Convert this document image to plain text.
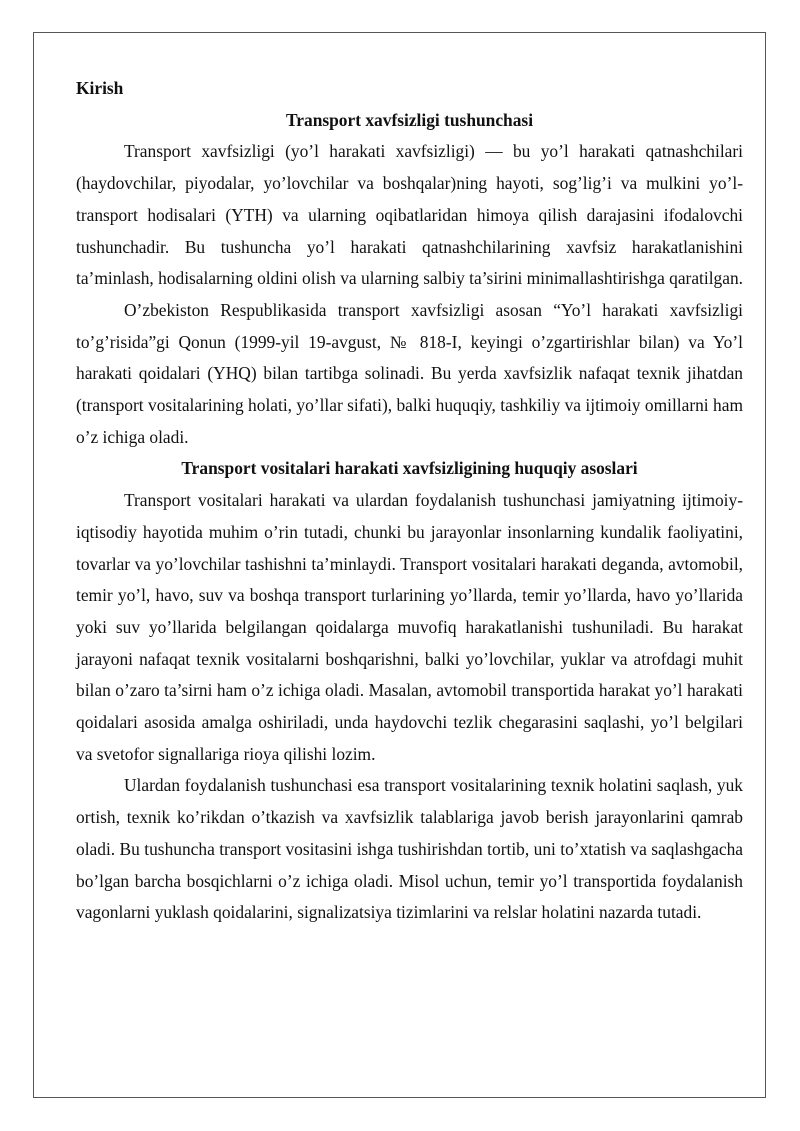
Kirish

Transport xavfsizligi tushunchasi

Transport xavfsizligi (yo’l harakati xavfsizligi) — bu yo’l harakati qatnashchilari (haydovchilar, piyodalar, yo’lovchilar va boshqalar)ning hayoti, sog’lig’i va mulkini yo’l-transport hodisalari (YTH) va ularning oqibatlaridan himoya qilish darajasini ifodalovchi tushunchadir. Bu tushuncha yo’l harakati qatnashchilarining xavfsiz harakatlanishini ta’minlash, hodisalarning oldini olish va ularning salbiy ta’sirini minimallashtirishga qaratilgan.

O’zbekiston Respublikasida transport xavfsizligi asosan “Yo’l harakati xavfsizligi to’g’risida”gi Qonun (1999-yil 19-avgust, № 818-I, keyingi o’zgartirishlar bilan) va Yo’l harakati qoidalari (YHQ) bilan tartibga solinadi. Bu yerda xavfsizlik nafaqat texnik jihatdan (transport vositalarining holati, yo’llar sifati), balki huquqiy, tashkiliy va ijtimoiy omillarni ham o’z ichiga oladi.

Transport vositalari harakati xavfsizligining huquqiy asoslari

Transport vositalari harakati va ulardan foydalanish tushunchasi jamiyatning ijtimoiy-iqtisodiy hayotida muhim o’rin tutadi, chunki bu jarayonlar insonlarning kundalik faoliyatini, tovarlar va yo’lovchilar tashishni ta’minlaydi. Transport vositalari harakati deganda, avtomobil, temir yo’l, havo, suv va boshqa transport turlarining yo’llarda, temir yo’llarda, havo yo’llarida yoki suv yo’llarida belgilangan qoidalarga muvofiq harakatlanishi tushuniladi. Bu harakat jarayoni nafaqat texnik vositalarni boshqarishni, balki yo’lovchilar, yuklar va atrofdagi muhit bilan o’zaro ta’sirni ham o’z ichiga oladi. Masalan, avtomobil transportida harakat yo’l harakati qoidalari asosida amalga oshiriladi, unda haydovchi tezlik chegarasini saqlashi, yo’l belgilari va svetofor signallariga rioya qilishi lozim.

Ulardan foydalanish tushunchasi esa transport vositalarining texnik holatini saqlash, yuk ortish, texnik ko’rikdan o’tkazish va xavfsizlik talablariga javob berish jarayonlarini qamrab oladi. Bu tushuncha transport vositasini ishga tushirishdan tortib, uni to’xtatish va saqlashgacha bo’lgan barcha bosqichlarni o’z ichiga oladi. Misol uchun, temir yo’l transportida foydalanish vagonlarni yuklash qoidalarini, signalizatsiya tizimlarini va relslar holatini nazarda tutadi.
